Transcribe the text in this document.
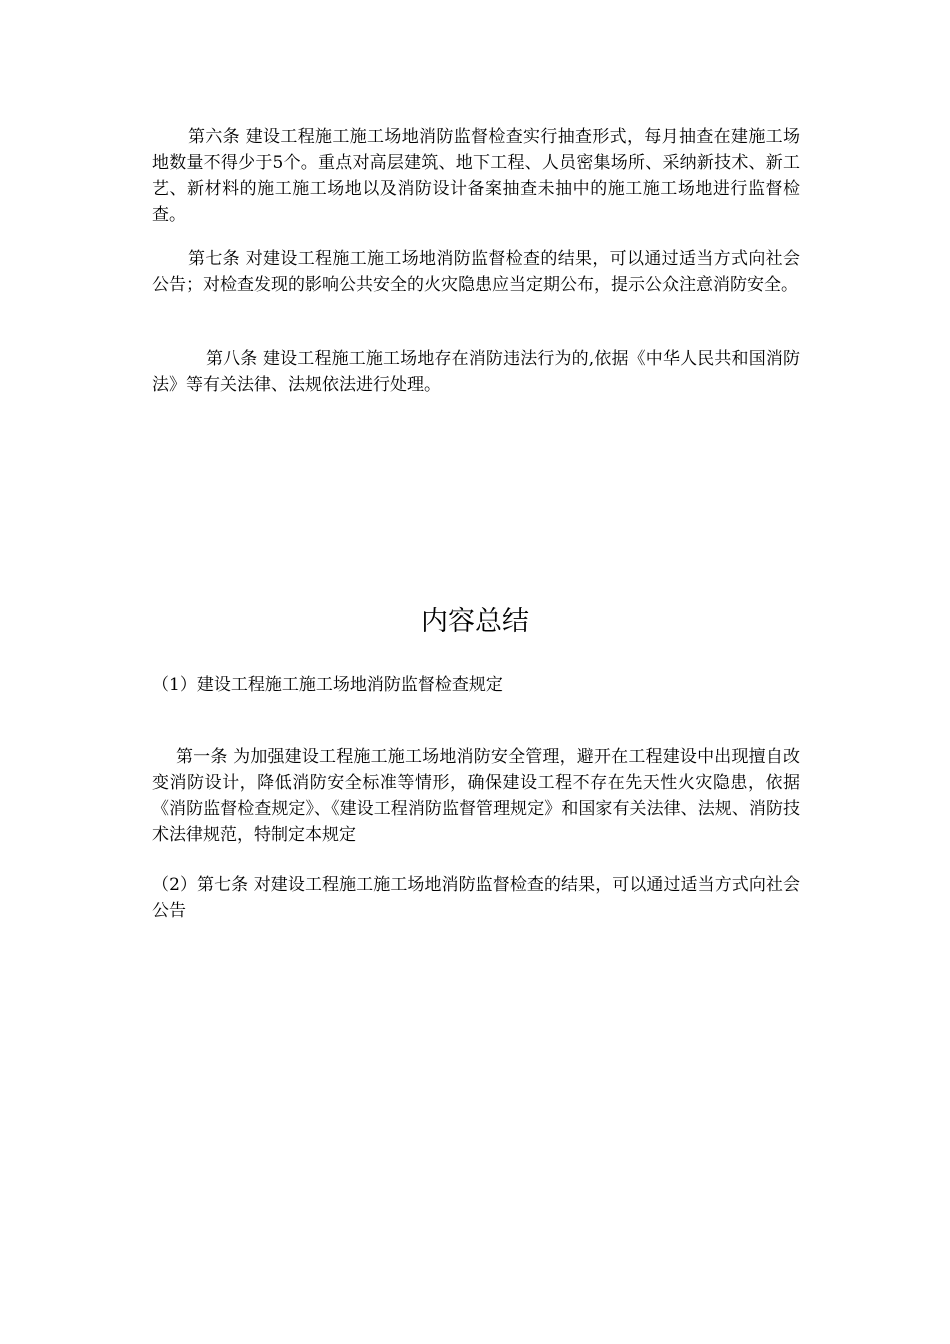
第六条 建设工程施工施工场地消防监督检查实行抽查形式，每月抽查在建施工场地数量不得少于5个。重点对高层建筑、地下工程、人员密集场所、采纳新技术、新工艺、新材料的施工施工场地以及消防设计备案抽查未抽中的施工施工场地进行监督检查。

第七条 对建设工程施工施工场地消防监督检查的结果，可以通过适当方式向社会公告；对检查发现的影响公共安全的火灾隐患应当定期公布，提示公众注意消防安全。

第八条 建设工程施工施工场地存在消防违法行为的,依据《中华人民共和国消防法》等有关法律、法规依法进行处理。

内容总结

（1）建设工程施工施工场地消防监督检查规定

第一条 为加强建设工程施工施工场地消防安全管理，避开在工程建设中出现擅自改变消防设计，降低消防安全标准等情形，确保建设工程不存在先天性火灾隐患，依据《消防监督检查规定》、《建设工程消防监督管理规定》和国家有关法律、法规、消防技术法律规范，特制定本规定

（2）第七条 对建设工程施工施工场地消防监督检查的结果，可以通过适当方式向社会公告
